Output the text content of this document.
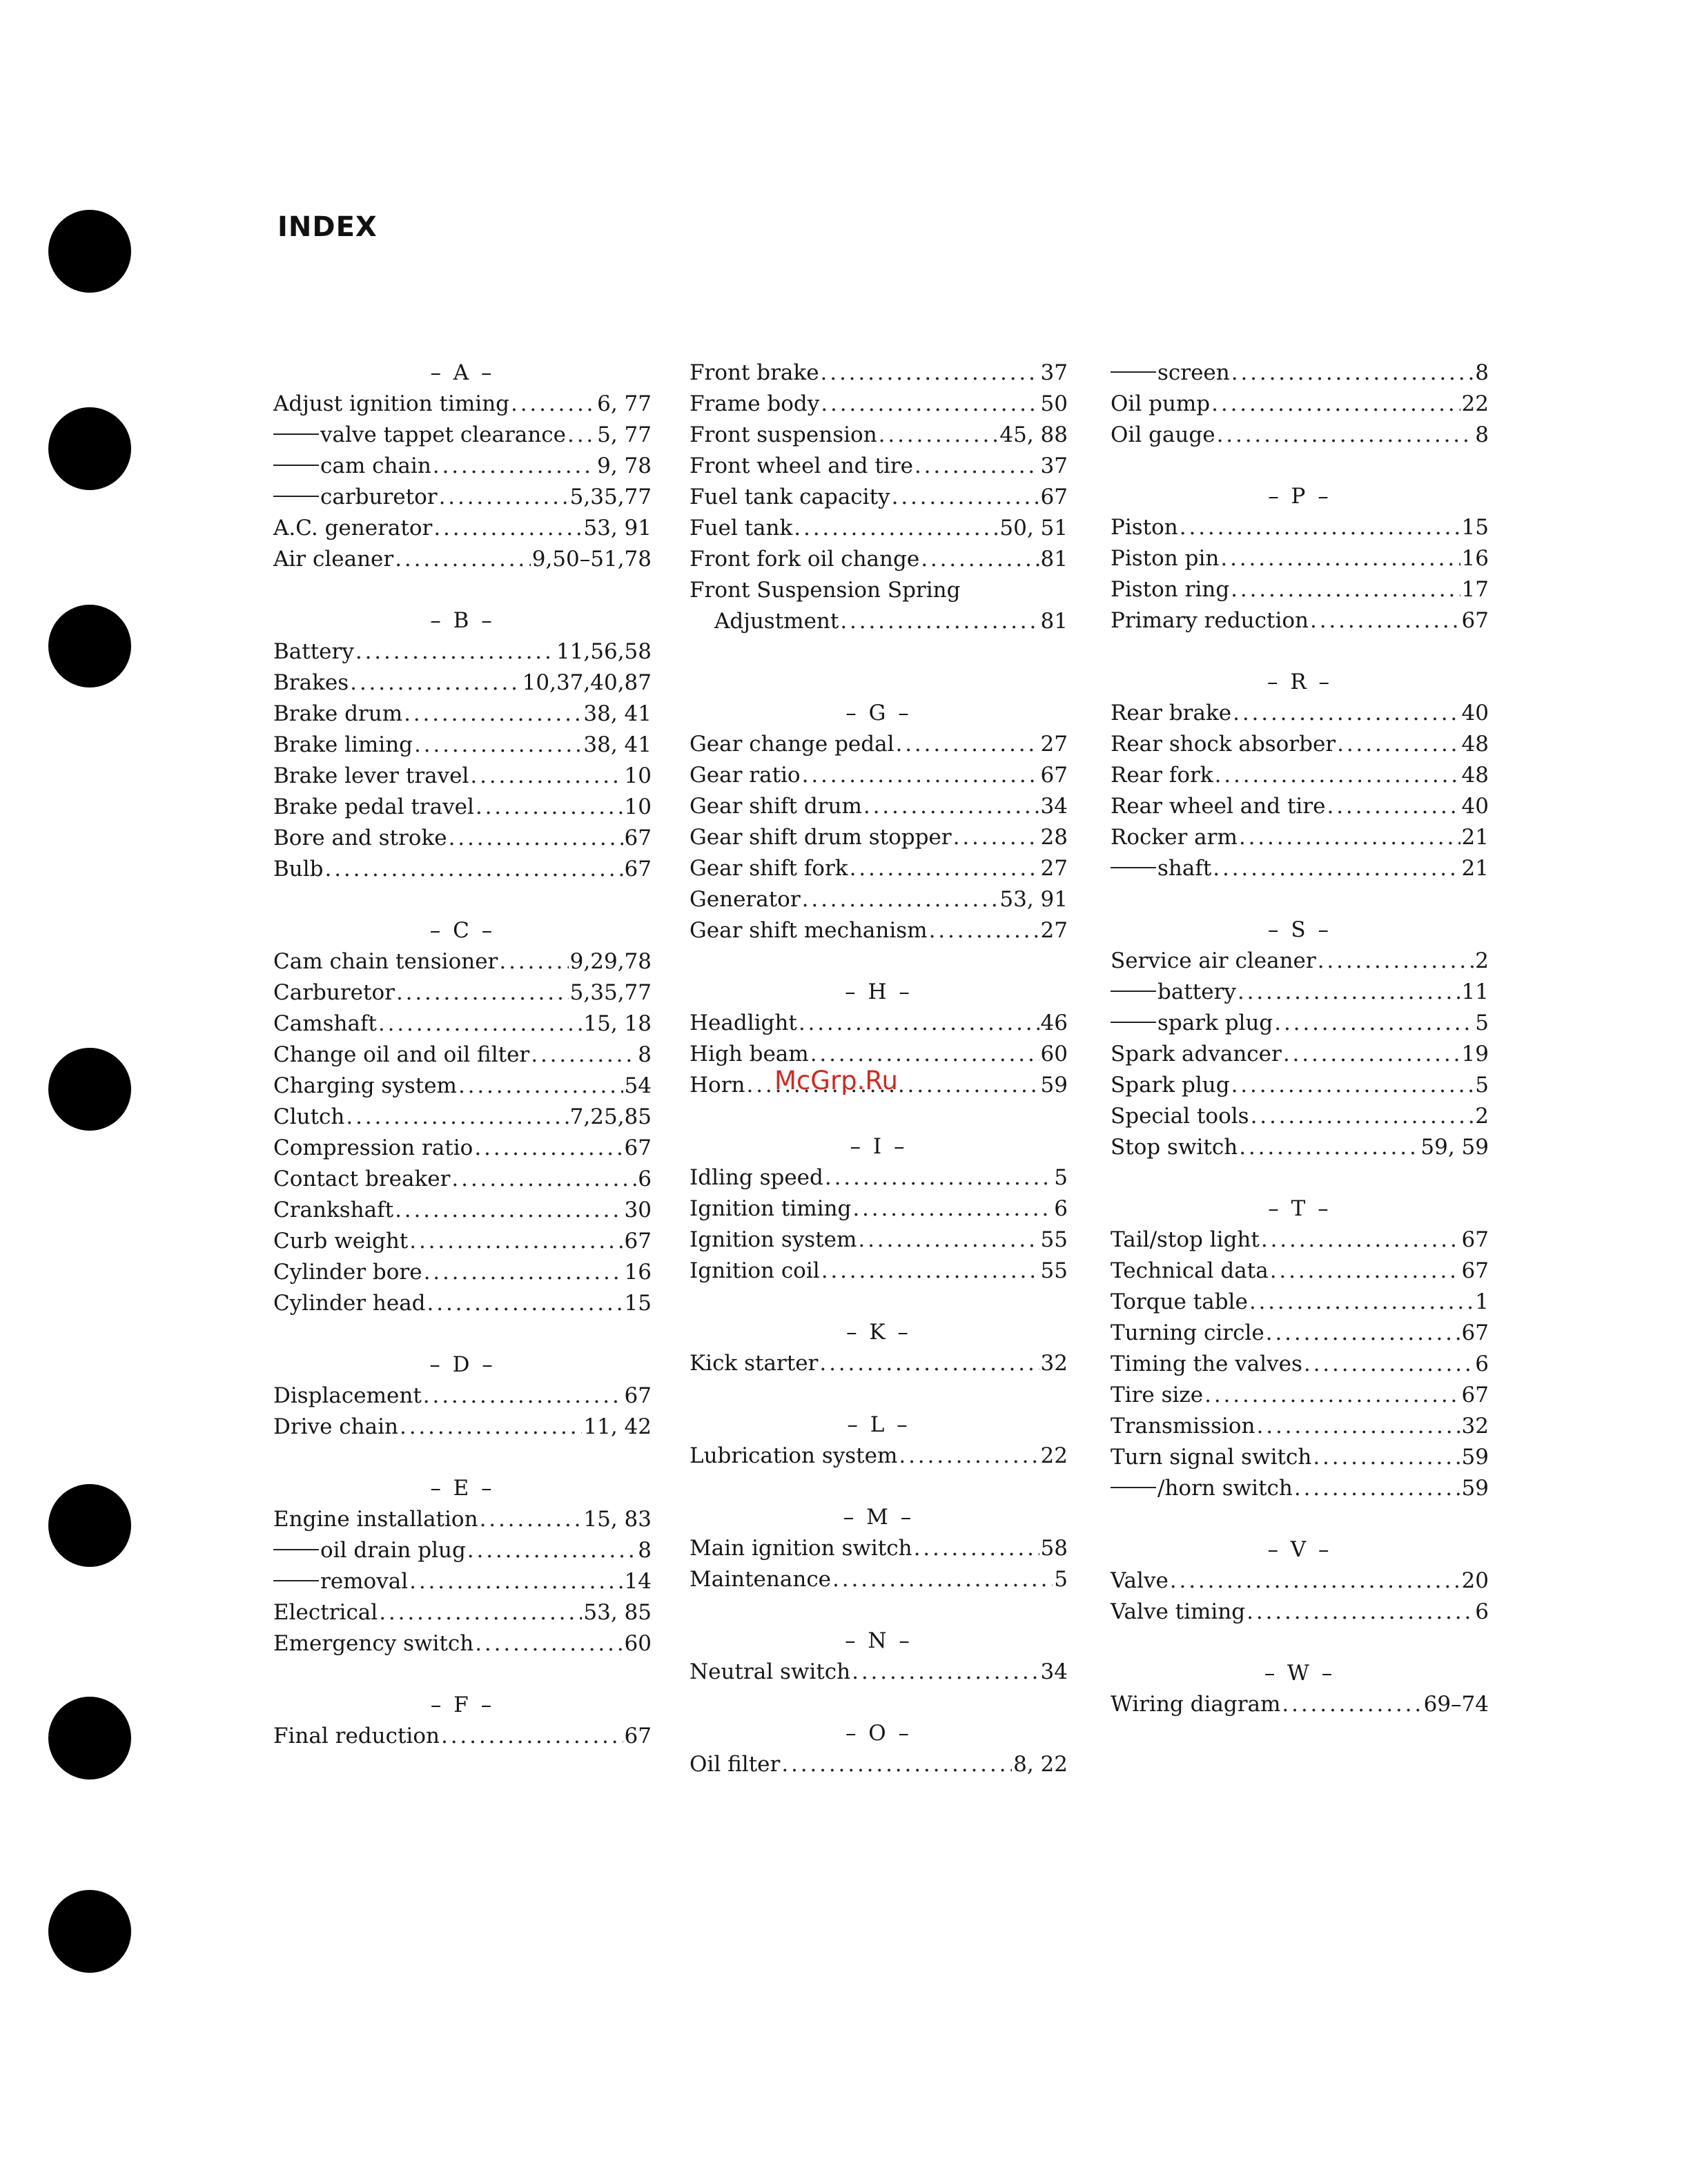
INDEX
– A –
Adjust ignition timing . . .	6, 77
valve tappet clearance . . . 5, 77
cam chain . . .	9, 78
carburetor . . .	5,35,77
A.C. generator . . .	53, 91
Air cleaner . . .	9,50–51,78
– B –
Battery . . .	11,56,58
Brakes . . .	10,37,40,87
Brake drum . . .	38, 41
Brake liming . . .	38, 41
Brake lever travel . . .	10
Brake pedal travel . . .	10
Bore and stroke . . .	67
Bulb . . .	67
– C –
Cam chain tensioner . . .	9,29,78
Carburetor . . .	5,35,77
Camshaft . . .	15, 18
Change oil and oil filter . . .	8
Charging system . . .	54
Clutch . . .	7,25,85
Compression ratio . . .	67
Contact breaker . . .	6
Crankshaft . . .	30
Curb weight . . .	67
Cylinder bore . . .	16
Cylinder head . . .	15
– D –
Displacement . . .	67
Drive chain . . .	11, 42
– E –
Engine installation . . .	15, 83
oil drain plug . . .	8
removal . . .	14
Electrical . . .	53, 85
Emergency switch . . .	60
– F –
Final reduction . . .	67
Front brake . . .	37
Frame body . . .	50
Front suspension . . .	45, 88
Front wheel and tire . . .	37
Fuel tank capacity . . .	67
Fuel tank . . .	50, 51
Front fork oil change . . .	81
Front Suspension Spring
Adjustment . . .	81
– G –
Gear change pedal . . .	27
Gear ratio . . .	67
Gear shift drum . . .	34
Gear shift drum stopper . . .	28
Gear shift fork . . .	27
Generator . . .	53, 91
Gear shift mechanism . . .	27
– H –
Headlight . . .	46
High beam . . .	60
Horn . . .	59
– I –
Idling speed . . .	5
Ignition timing . . .	6
Ignition system . . .	55
Ignition coil . . .	55
– K –
Kick starter . . .	32
– L –
Lubrication system . . .	22
– M –
Main ignition switch . . .	58
Maintenance . . .	5
– N –
Neutral switch . . .	34
– O –
Oil filter . . .	8, 22
screen . . .	8
Oil pump . . .	22
Oil gauge . . .	8
– P –
Piston . . .	15
Piston pin . . .	16
Piston ring . . .	17
Primary reduction . . .	67
– R –
Rear brake . . .	40
Rear shock absorber . . .	48
Rear fork . . .	48
Rear wheel and tire . . .	40
Rocker arm . . .	21
shaft . . .	21
– S –
Service air cleaner . . .	2
battery . . .	11
spark plug . . .	5
Spark advancer . . .	19
Spark plug . . .	5
Special tools . . .	2
Stop switch . . .	59, 59
– T –
Tail/stop light . . .	67
Technical data . . .	67
Torque table . . .	1
Turning circle . . .	67
Timing the valves . . .	6
Tire size . . .	67
Transmission . . .	32
Turn signal switch . . .	59
/horn switch . . .	59
– V –
Valve . . .	20
Valve timing . . .	6
– W –
Wiring diagram . . .	69–74
McGrp.Ru
